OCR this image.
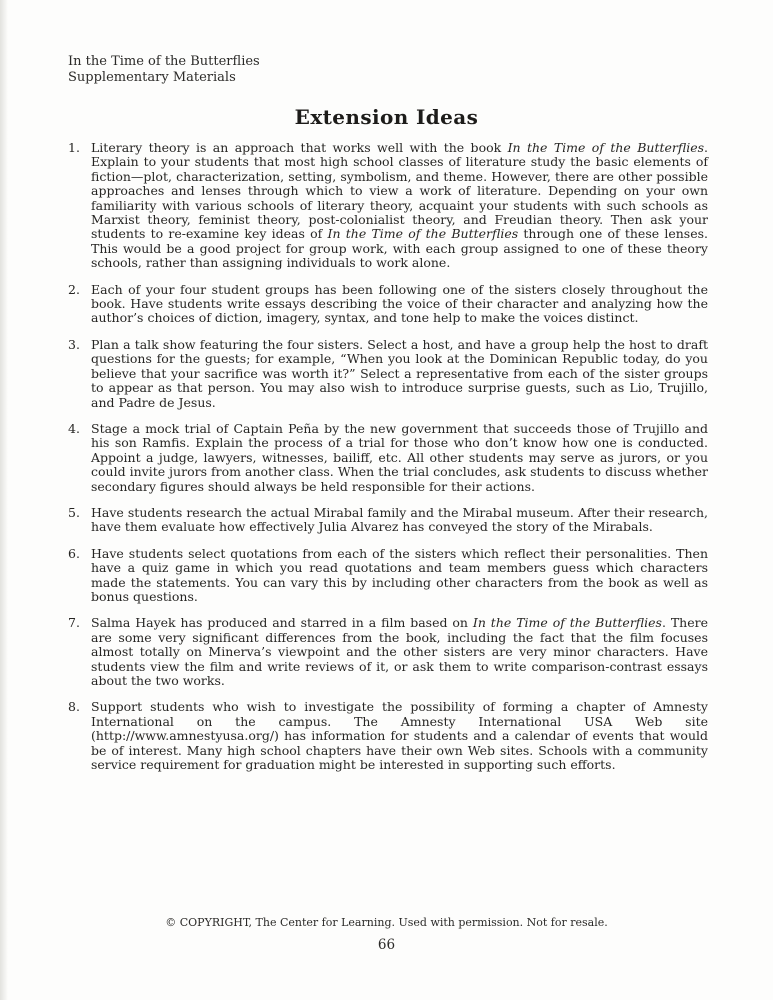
In the Time of the Butterflies
Supplementary Materials
Extension Ideas
1. Literary theory is an approach that works well with the book In the Time of the Butterflies. Explain to your students that most high school classes of literature study the basic elements of fiction—plot, characterization, setting, symbolism, and theme. However, there are other possible approaches and lenses through which to view a work of literature. Depending on your own familiarity with various schools of literary theory, acquaint your students with such schools as Marxist theory, feminist theory, post-colonialist theory, and Freudian theory. Then ask your students to re-examine key ideas of In the Time of the Butterflies through one of these lenses. This would be a good project for group work, with each group assigned to one of these theory schools, rather than assigning individuals to work alone.
2. Each of your four student groups has been following one of the sisters closely throughout the book. Have students write essays describing the voice of their character and analyzing how the author’s choices of diction, imagery, syntax, and tone help to make the voices distinct.
3. Plan a talk show featuring the four sisters. Select a host, and have a group help the host to draft questions for the guests; for example, “When you look at the Dominican Republic today, do you believe that your sacrifice was worth it?” Select a representative from each of the sister groups to appear as that person. You may also wish to introduce surprise guests, such as Lio, Trujillo, and Padre de Jesus.
4. Stage a mock trial of Captain Peña by the new government that succeeds those of Trujillo and his son Ramfis. Explain the process of a trial for those who don’t know how one is conducted. Appoint a judge, lawyers, witnesses, bailiff, etc. All other students may serve as jurors, or you could invite jurors from another class. When the trial concludes, ask students to discuss whether secondary figures should always be held responsible for their actions.
5. Have students research the actual Mirabal family and the Mirabal museum. After their research, have them evaluate how effectively Julia Alvarez has conveyed the story of the Mirabals.
6. Have students select quotations from each of the sisters which reflect their personalities. Then have a quiz game in which you read quotations and team members guess which characters made the statements. You can vary this by including other characters from the book as well as bonus questions.
7. Salma Hayek has produced and starred in a film based on In the Time of the Butterflies. There are some very significant differences from the book, including the fact that the film focuses almost totally on Minerva’s viewpoint and the other sisters are very minor characters. Have students view the film and write reviews of it, or ask them to write comparison-contrast essays about the two works.
8. Support students who wish to investigate the possibility of forming a chapter of Amnesty International on the campus. The Amnesty International USA Web site (http://www.amnestyusa.org/) has information for students and a calendar of events that would be of interest. Many high school chapters have their own Web sites. Schools with a community service requirement for graduation might be interested in supporting such efforts.
© COPYRIGHT, The Center for Learning. Used with permission. Not for resale.
66
